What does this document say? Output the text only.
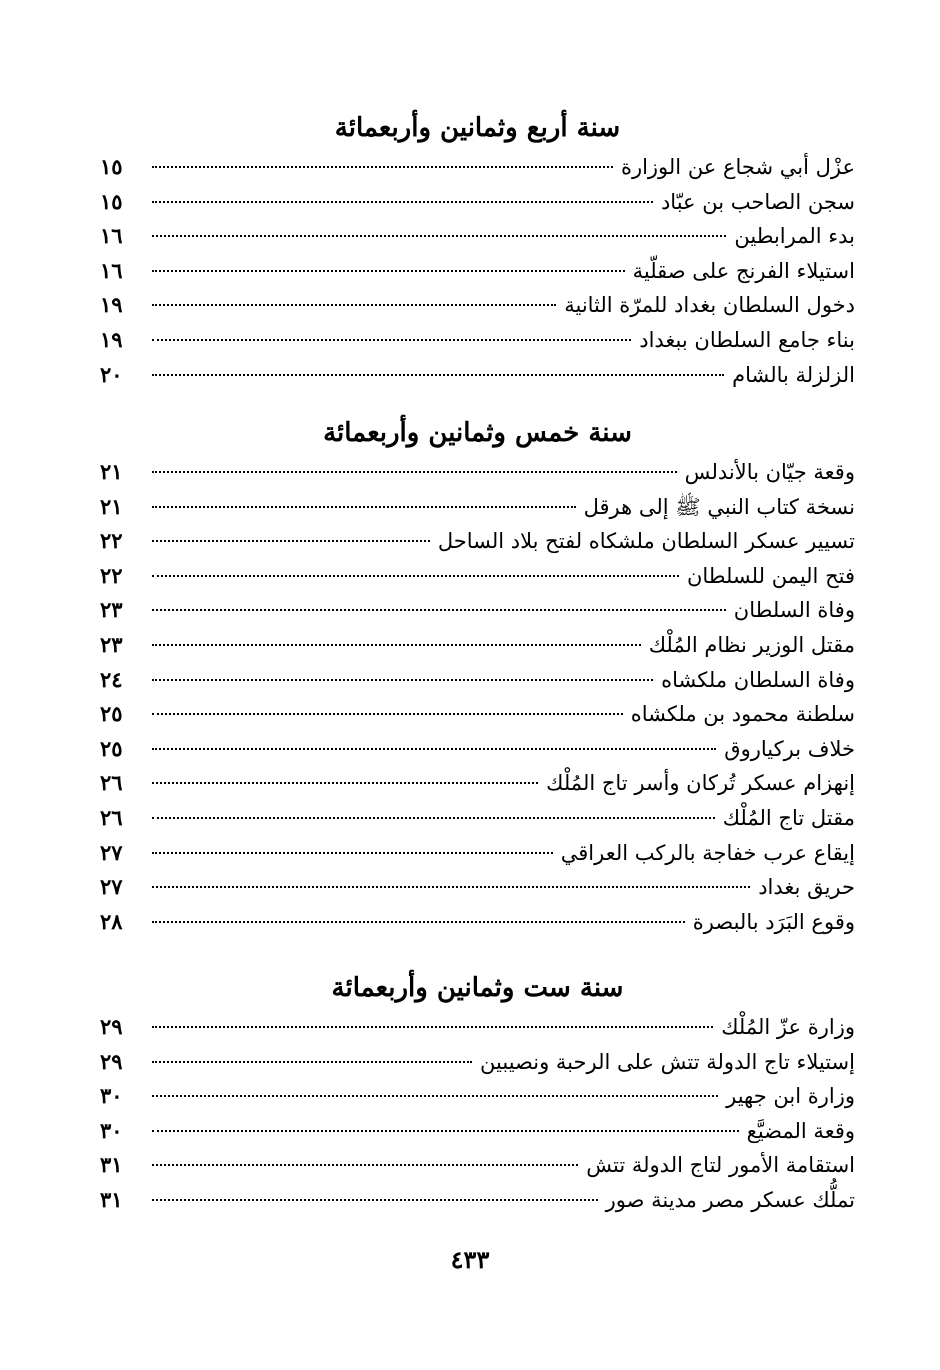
سنة أربع وثمانين وأربعمائة
عزْل أبي شجاع عن الوزارة
١٥
سجن الصاحب بن عبّاد
١٥
بدء المرابطين
١٦
استيلاء الفرنج على صقلّية
١٦
دخول السلطان بغداد للمرّة الثانية
١٩
بناء جامع السلطان ببغداد
١٩
الزلزلة بالشام
٢٠
سنة خمس وثمانين وأربعمائة
وقعة جيّان بالأندلس
٢١
نسخة كتاب النبي ﷺ إلى هرقل
٢١
تسيير عسكر السلطان ملشكاه لفتح بلاد الساحل
٢٢
فتح اليمن للسلطان
٢٢
وفاة السلطان
٢٣
مقتل الوزير نظام المُلْك
٢٣
وفاة السلطان ملكشاه
٢٤
سلطنة محمود بن ملكشاه
٢٥
خلاف بركياروق
٢٥
إنهزام عسكر تُركان وأسر تاج المُلْك
٢٦
مقتل تاج المُلْك
٢٦
إيقاع عرب خفاجة بالركب العراقي
٢٧
حريق بغداد
٢٧
وقوع البَرَد بالبصرة
٢٨
سنة ست وثمانين وأربعمائة
وزارة عزّ المُلْك
٢٩
إستيلاء تاج الدولة تتش على الرحبة ونصيبين
٢٩
وزارة ابن جهير
٣٠
وقعة المضيَّع
٣٠
استقامة الأمور لتاج الدولة تتش
٣١
تملُّك عسكر مصر مدينة صور
٣١
٤٣٣
